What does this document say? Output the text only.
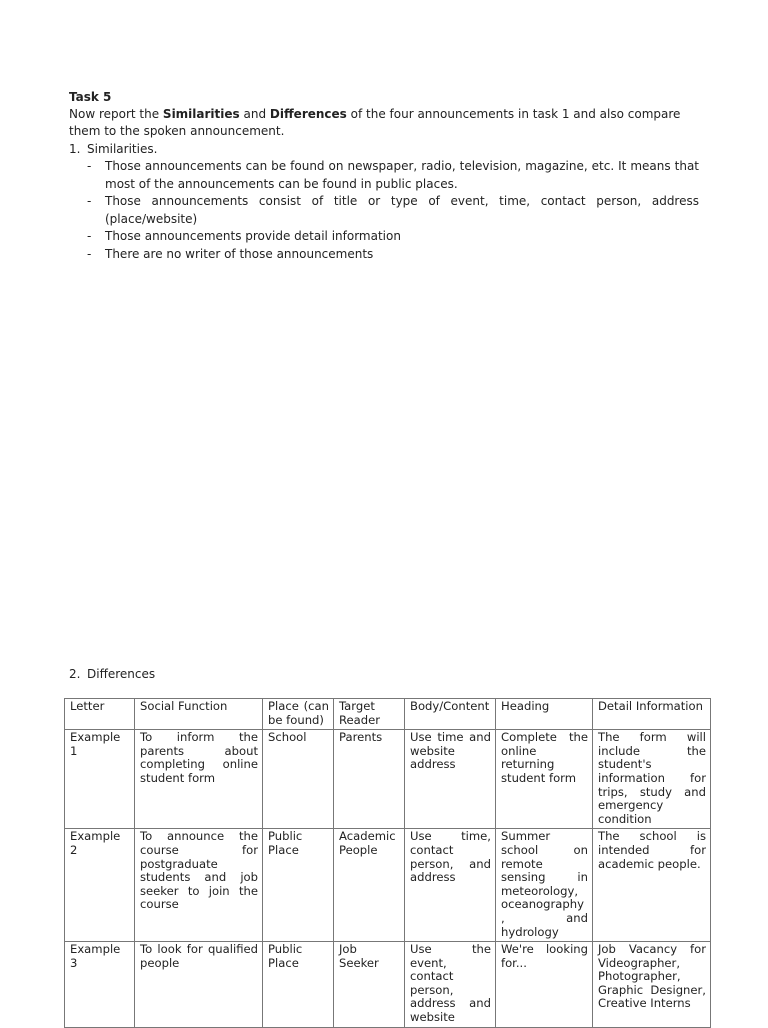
Task 5
Now report the Similarities and Differences of the four announcements in task 1 and also compare them to the spoken announcement.
1. Similarities.
- Those announcements can be found on newspaper, radio, television, magazine, etc. It means that most of the announcements can be found in public places.
- Those announcements consist of title or type of event, time, contact person, address (place/website)
- Those announcements provide detail information
- There are no writer of those announcements
2. Differences
Letter	Social Function	Place (can be found)	Target Reader	Body/Content	Heading	Detail Information
Example 1	To inform the parents about completing online student form	School	Parents	Use time and website address	Complete the online returning student form	The form will include the student's information for trips, study and emergency condition
Example 2	To announce the course for postgraduate students and job seeker to join the course	Public Place	Academic People	Use time, contact person, and address	Summer school on remote sensing in meteorology, oceanography , and hydrology	The school is intended for academic people.
Example 3	To look for qualified people	Public Place	Job Seeker	Use the event, contact person, address and website	We're looking for...	Job Vacancy for Videographer, Photographer, Graphic Designer, Creative Interns
